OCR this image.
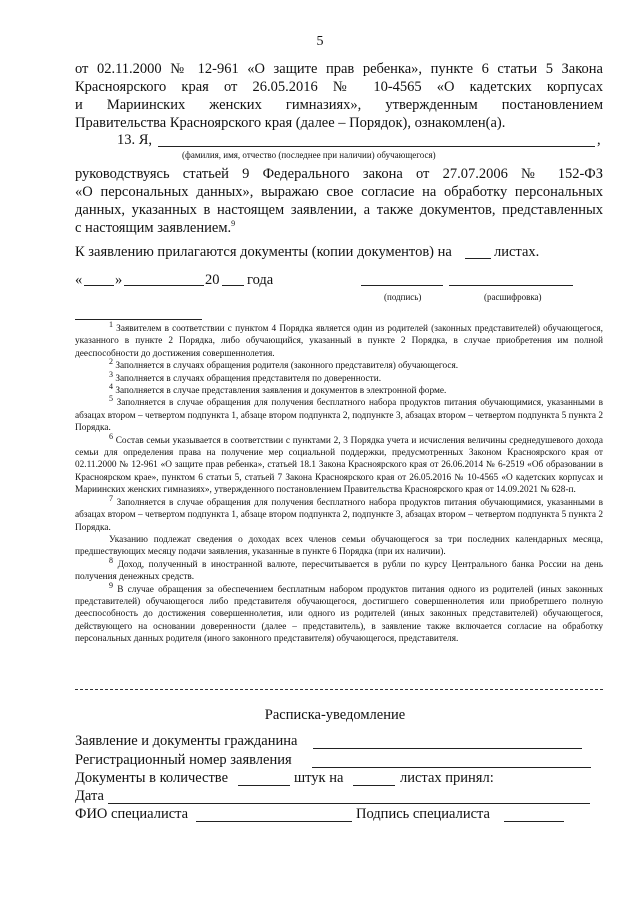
5
от 02.11.2000 № 12-961 «О защите прав ребенка», пункте 6 статьи 5 Закона
Красноярского края от 26.05.2016 № 10-4565 «О кадетских корпусах
и Мариинских женских гимназиях», утвержденным постановлением
Правительства Красноярского края (далее – Порядок), ознакомлен(а).
13. Я,	,
(фамилия, имя, отчество (последнее при наличии) обучающегося)
руководствуясь статьей 9 Федерального закона от 27.07.2006 № 152-ФЗ
«О персональных данных», выражаю свое согласие на обработку персональных
данных, указанных в настоящем заявлении, а также документов, представленных
с настоящим заявлением.$^9$
К заявлению прилагаются документы (копии документов) на	листах.
« »	20 года
(подпись)	(расшифровка)

$^1$ Заявителем в соответствии с пунктом 4 Порядка является один из родителей (законных представителей) обучающегося, указанного в пункте 2 Порядка, либо обучающийся, указанный в пункте 2 Порядка, в случае приобретения им полной дееспособности до достижения совершеннолетия.

$^2$ Заполняется в случаях обращения родителя (законного представителя) обучающегося.

$^3$ Заполняется в случаях обращения представителя по доверенности.

$^4$ Заполняется в случае представления заявления и документов в электронной форме.

$^5$ Заполняется в случае обращения для получения бесплатного набора продуктов питания обучающимися, указанными в абзацах втором – четвертом подпункта 1, абзаце втором подпункта 2, подпункте 3, абзацах втором – четвертом подпункта 5 пункта 2 Порядка.

$^6$ Состав семьи указывается в соответствии с пунктами 2, 3 Порядка учета и исчисления величины среднедушевого дохода семьи для определения права на получение мер социальной поддержки, предусмотренных Законом Красноярского края от 02.11.2000 № 12-961 «О защите прав ребенка», статьей 18.1 Закона Красноярского края от 26.06.2014 № 6-2519 «Об образовании в Красноярском крае», пунктом 6 статьи 5, статьей 7 Закона Красноярского края от 26.05.2016 № 10-4565 «О кадетских корпусах и Мариинских женских гимназиях», утвержденного постановлением Правительства Красноярского края от 14.09.2021 № 628-п.

$^7$ Заполняется в случае обращения для получения бесплатного набора продуктов питания обучающимися, указанными в абзацах втором – четвертом подпункта 1, абзаце втором подпункта 2, подпункте 3, абзацах втором – четвертом подпункта 5 пункта 2 Порядка.

Указанию подлежат сведения о доходах всех членов семьи обучающегося за три последних календарных месяца, предшествующих месяцу подачи заявления, указанные в пункте 6 Порядка (при их наличии).

$^8$ Доход, полученный в иностранной валюте, пересчитывается в рубли по курсу Центрального банка России на день получения денежных средств.

$^9$ В случае обращения за обеспечением бесплатным набором продуктов питания одного из родителей (иных законных представителей) обучающегося либо представителя обучающегося, достигшего совершеннолетия или приобретшего полную дееспособность до достижения совершеннолетия, или одного из родителей (иных законных представителей) обучающегося, действующего на основании доверенности (далее – представитель), в заявление также включается согласие на обработку персональных данных родителя (иного законного представителя) обучающегося, представителя.

Расписка-уведомление
Заявление и документы гражданина
Регистрационный номер заявления
Документы в количестве	штук на	листах принял:
Дата
ФИО специалиста	Подпись специалиста
